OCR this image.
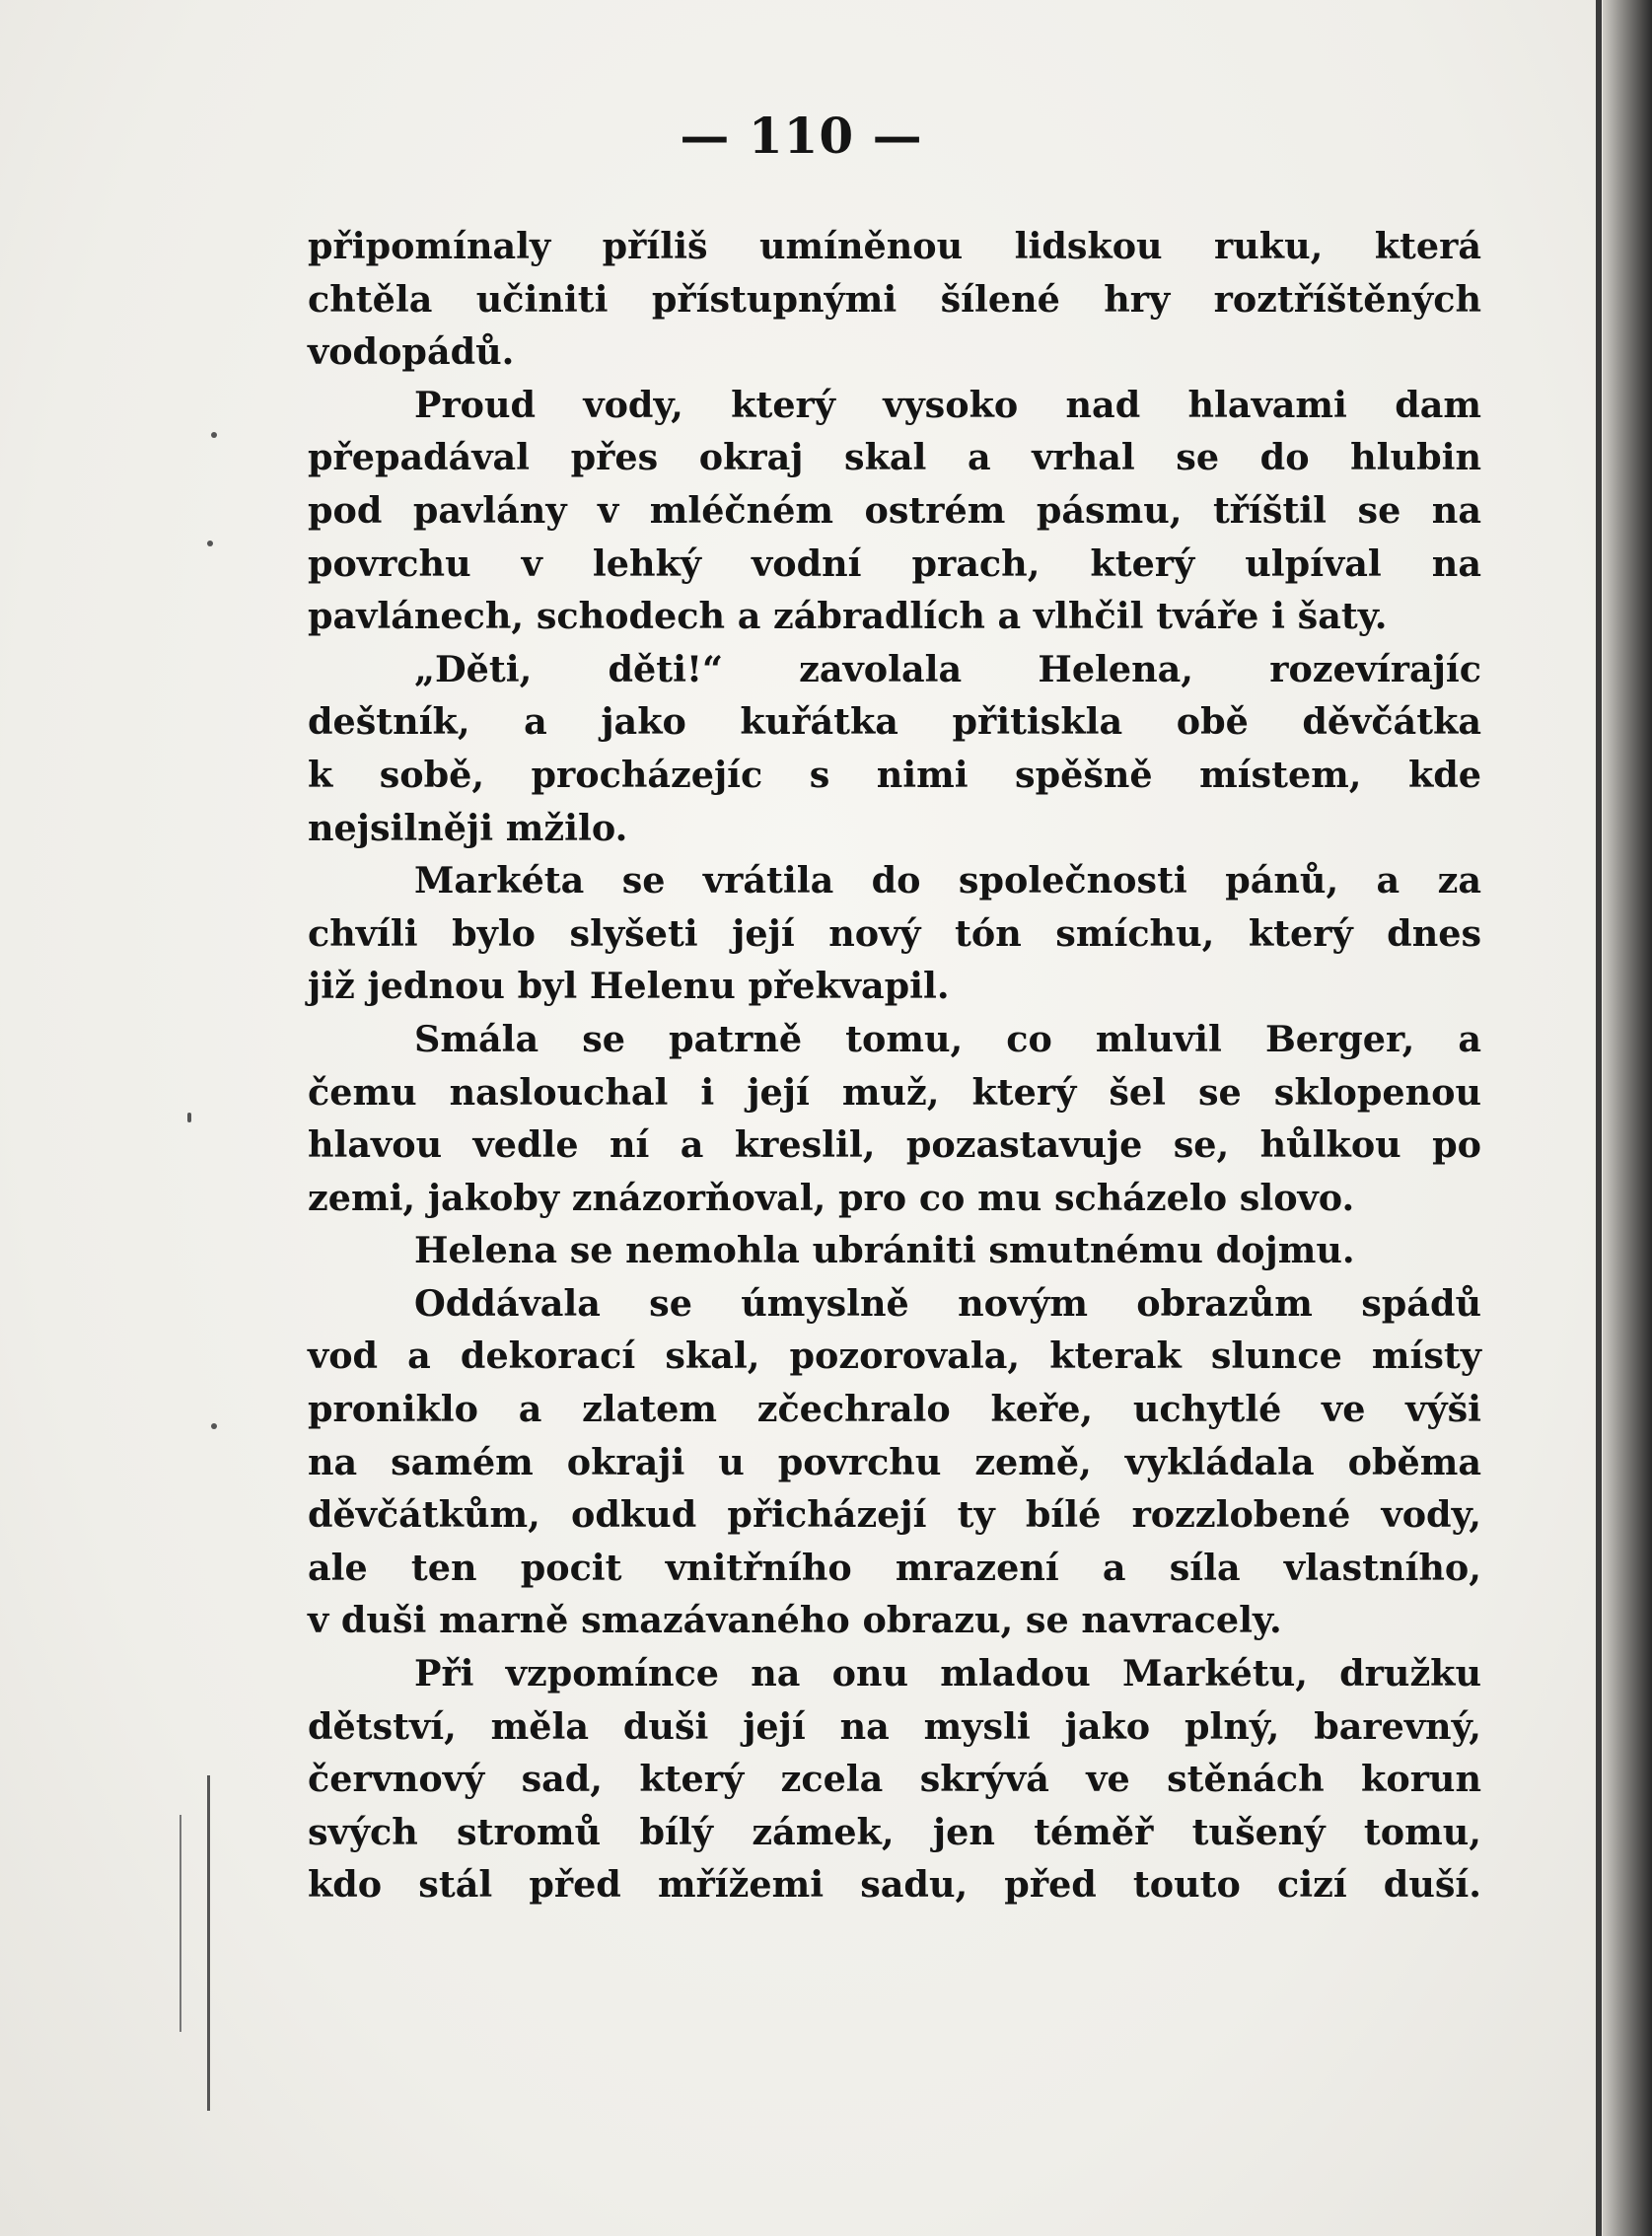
— 110 —
připomínaly příliš umíněnou lidskou ruku, která
chtěla učiniti přístupnými šílené hry roztříštěných
vodopádů.
Proud vody, který vysoko nad hlavami dam
přepadával přes okraj skal a vrhal se do hlubin
pod pavlány v mléčném ostrém pásmu, tříštil se na
povrchu v lehký vodní prach, který ulpíval na
pavlánech, schodech a zábradlích a vlhčil tváře i šaty.
„Děti, děti!“ zavolala Helena, rozevírajíc
deštník, a jako kuřátka přitiskla obě děvčátka
k sobě, procházejíc s nimi spěšně místem, kde
nejsilněji mžilo.
Markéta se vrátila do společnosti pánů, a za
chvíli bylo slyšeti její nový tón smíchu, který dnes
již jednou byl Helenu překvapil.
Smála se patrně tomu, co mluvil Berger, a
čemu naslouchal i její muž, který šel se sklopenou
hlavou vedle ní a kreslil, pozastavuje se, hůlkou po
zemi, jakoby znázorňoval, pro co mu scházelo slovo.
Helena se nemohla ubrániti smutnému dojmu.
Oddávala se úmyslně novým obrazům spádů
vod a dekorací skal, pozorovala, kterak slunce místy
proniklo a zlatem zčechralo keře, uchytlé ve výši
na samém okraji u povrchu země, vykládala oběma
děvčátkům, odkud přicházejí ty bílé rozzlobené vody,
ale ten pocit vnitřního mrazení a síla vlastního,
v duši marně smazávaného obrazu, se navracely.
Při vzpomínce na onu mladou Markétu, družku
dětství, měla duši její na mysli jako plný, barevný,
červnový sad, který zcela skrývá ve stěnách korun
svých stromů bílý zámek, jen téměř tušený tomu,
kdo stál před mřížemi sadu, před touto cizí duší.
